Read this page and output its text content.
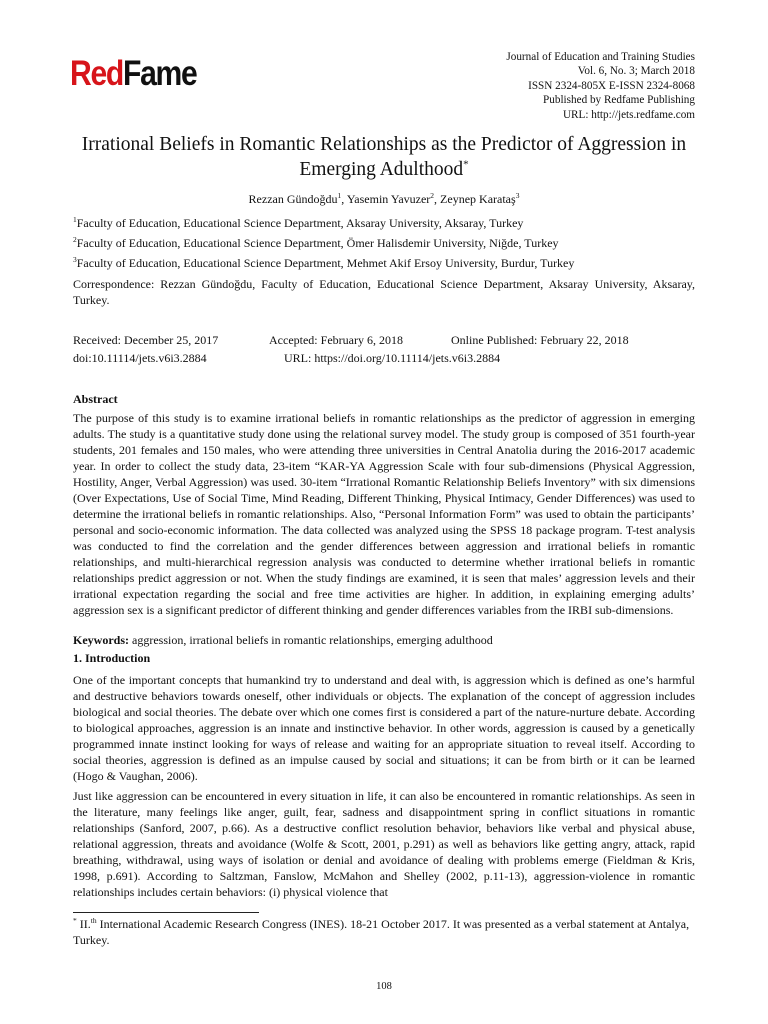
RedFame	Journal of Education and Training Studies
Vol. 6, No. 3; March 2018
ISSN 2324-805X E-ISSN 2324-8068
Published by Redfame Publishing
URL: http://jets.redfame.com
Irrational Beliefs in Romantic Relationships as the Predictor of Aggression in Emerging Adulthood*
Rezzan Gündoğdu$^1$, Yasemin Yavuzer$^2$, Zeynep Karataş$^3$

$^1$Faculty of Education, Educational Science Department, Aksaray University, Aksaray, Turkey

$^2$Faculty of Education, Educational Science Department, Ömer Halisdemir University, Niğde, Turkey

$^3$Faculty of Education, Educational Science Department, Mehmet Akif Ersoy University, Burdur, Turkey

Correspondence: Rezzan Gündoğdu, Faculty of Education, Educational Science Department, Aksaray University, Aksaray, Turkey.
Received: December 25, 2017	Accepted: February 6, 2018	Online Published: February 22, 2018
doi:10.11114/jets.v6i3.2884	URL: https://doi.org/10.11114/jets.v6i3.2884
Abstract
The purpose of this study is to examine irrational beliefs in romantic relationships as the predictor of aggression in emerging adults. The study is a quantitative study done using the relational survey model. The study group is composed of 351 fourth-year students, 201 females and 150 males, who were attending three universities in Central Anatolia during the 2016-2017 academic year. In order to collect the study data, 23-item “KAR-YA Aggression Scale with four sub-dimensions (Physical Aggression, Hostility, Anger, Verbal Aggression) was used. 30-item “Irrational Romantic Relationship Beliefs Inventory” with six dimensions (Over Expectations, Use of Social Time, Mind Reading, Different Thinking, Physical Intimacy, Gender Differences) was used to determine the irrational beliefs in romantic relationships. Also, “Personal Information Form” was used to obtain the participants’ personal and socio-economic information. The data collected was analyzed using the SPSS 18 package program. T-test analysis was conducted to find the correlation and the gender differences between aggression and irrational beliefs in romantic relationships, and multi-hierarchical regression analysis was conducted to determine whether irrational beliefs in romantic relationships predict aggression or not. When the study findings are examined, it is seen that males’ aggression levels and their irrational expectation regarding the social and free time activities are higher. In addition, in explaining emerging adults’ aggression sex is a significant predictor of different thinking and gender differences variables from the IRBI sub-dimensions.
Keywords: aggression, irrational beliefs in romantic relationships, emerging adulthood
1. Introduction

One of the important concepts that humankind try to understand and deal with, is aggression which is defined as one’s harmful and destructive behaviors towards oneself, other individuals or objects. The explanation of the concept of aggression includes biological and social theories. The debate over which one comes first is considered a part of the nature-nurture debate. According to biological approaches, aggression is an innate and instinctive behavior. In other words, aggression is caused by a genetically programmed innate instinct looking for ways of release and waiting for an appropriate situation to reveal itself. According to social theories, aggression is defined as an impulse caused by social and situations; it can be from birth or it can be learned (Hogo & Vaughan, 2006).

Just like aggression can be encountered in every situation in life, it can also be encountered in romantic relationships. As seen in the literature, many feelings like anger, guilt, fear, sadness and disappointment spring in conflict situations in romantic relationships (Sanford, 2007, p.66). As a destructive conflict resolution behavior, behaviors like verbal and physical abuse, relational aggression, threats and avoidance (Wolfe & Scott, 2001, p.291) as well as behaviors like getting angry, attack, rapid breathing, withdrawal, using ways of isolation or denial and avoidance of dealing with problems emerge (Fieldman & Kris, 1998, p.691). According to Saltzman, Fanslow, McMahon and Shelley (2002, p.11-13), aggression-violence in romantic relationships includes certain behaviors: (i) physical violence that

* II.$^{th}$ International Academic Research Congress (INES). 18-21 October 2017. It was presented as a verbal statement at Antalya, Turkey.
108
